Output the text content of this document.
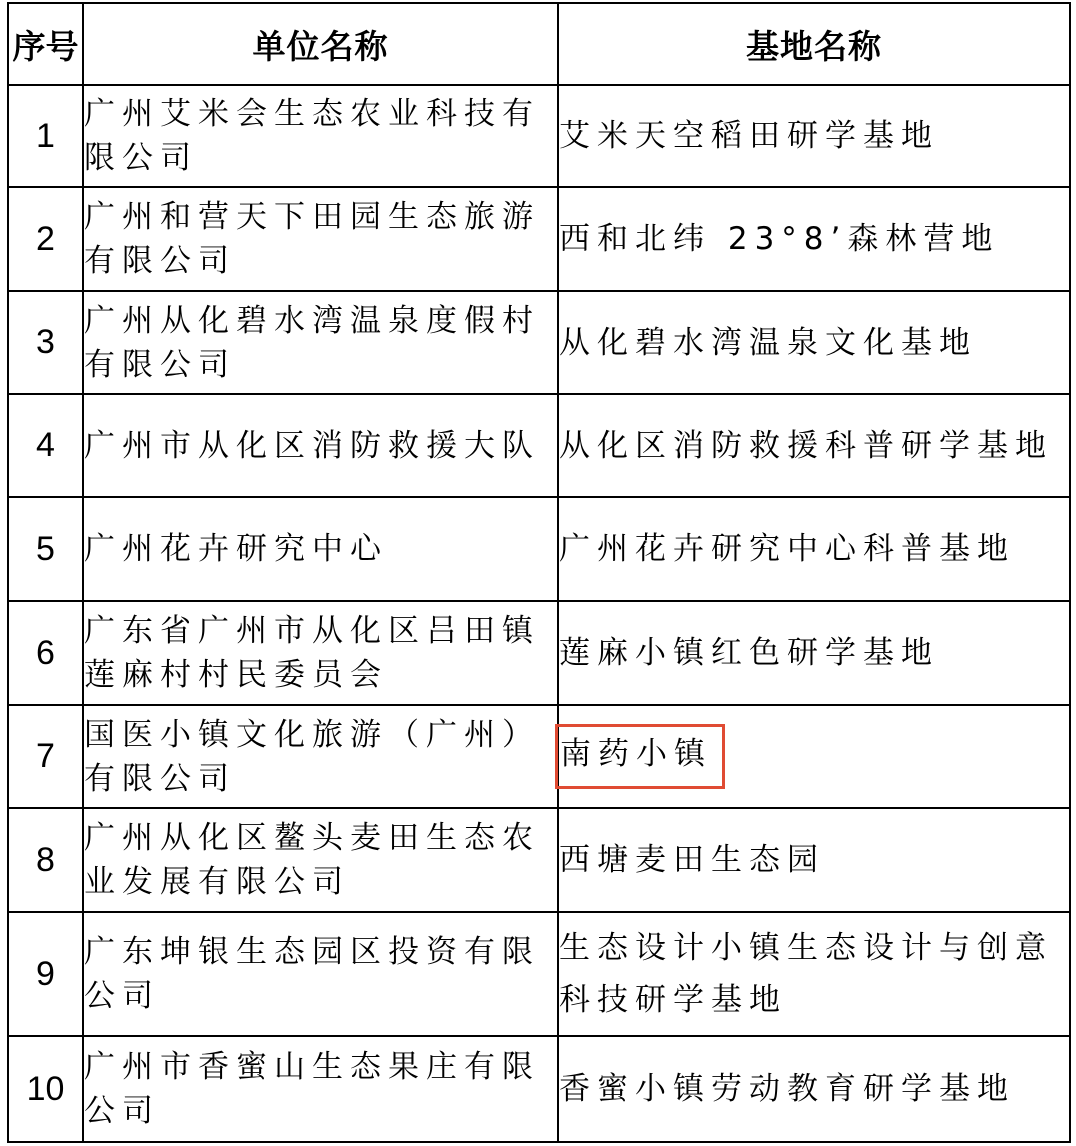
序号	单位名称	基地名称
1	广州艾米会生态农业科技有限公司	艾米天空稻田研学基地
2	广州和营天下田园生态旅游有限公司	西和北纬 23°8’森林营地
3	广州从化碧水湾温泉度假村有限公司	从化碧水湾温泉文化基地
4	广州市从化区消防救援大队	从化区消防救援科普研学基地
5	广州花卉研究中心	广州花卉研究中心科普基地
6	广东省广州市从化区吕田镇莲麻村村民委员会	莲麻小镇红色研学基地
7	国医小镇文化旅游（广州）有限公司	南药小镇
8	广州从化区鳌头麦田生态农业发展有限公司	西塘麦田生态园
9	广东坤银生态园区投资有限公司	生态设计小镇生态设计与创意科技研学基地
10	广州市香蜜山生态果庄有限公司	香蜜小镇劳动教育研学基地
